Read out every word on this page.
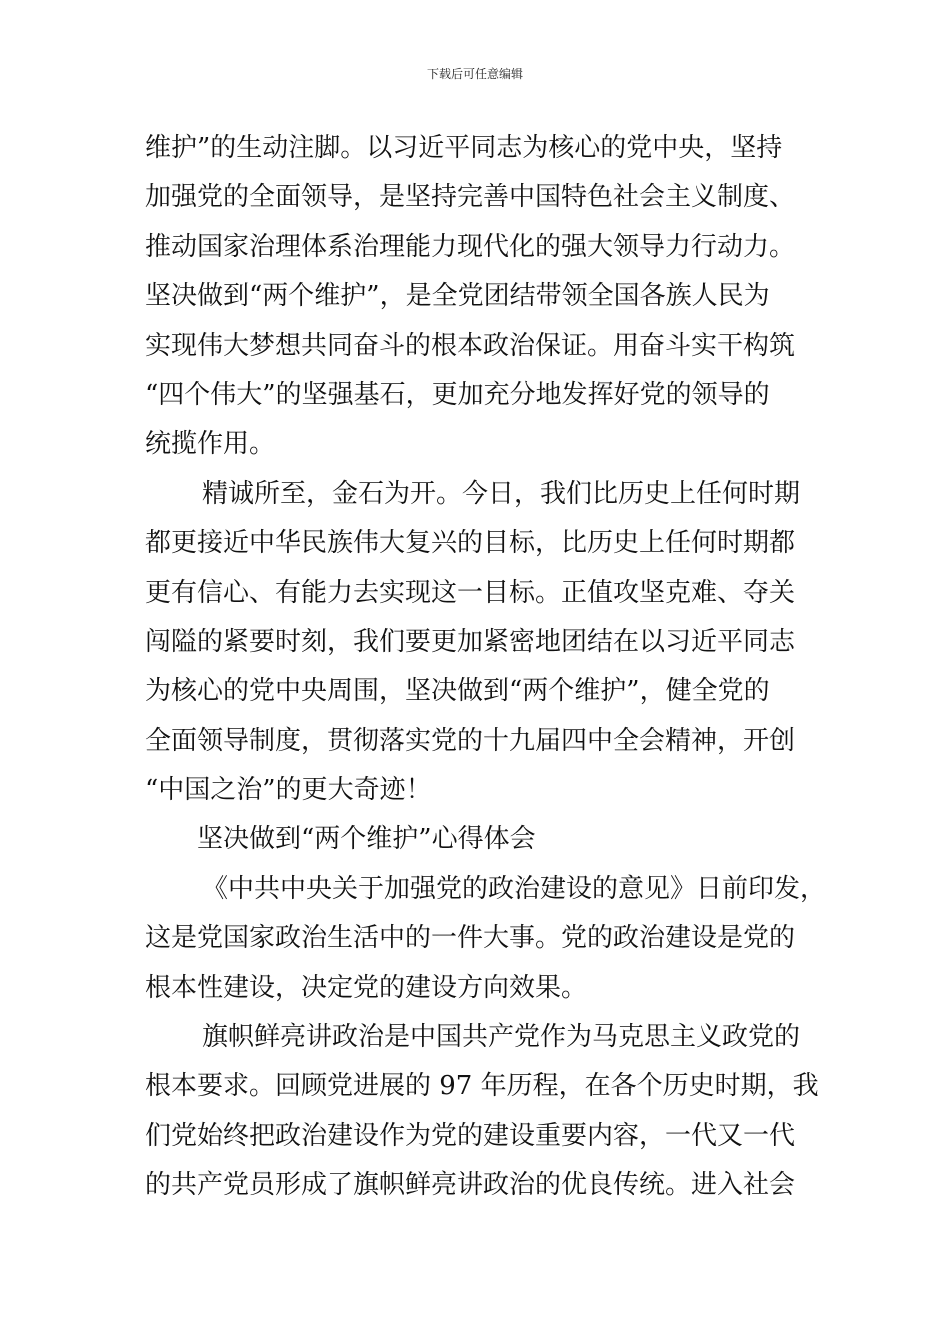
下载后可任意编辑
维护”的生动注脚。以习近平同志为核心的党中央，坚持
加强党的全面领导，是坚持完善中国特色社会主义制度、
推动国家治理体系治理能力现代化的强大领导力行动力。
坚决做到“两个维护”，是全党团结带领全国各族人民为
实现伟大梦想共同奋斗的根本政治保证。用奋斗实干构筑
“四个伟大”的坚强基石，更加充分地发挥好党的领导的
统揽作用。
精诚所至，金石为开。今日，我们比历史上任何时期
都更接近中华民族伟大复兴的目标，比历史上任何时期都
更有信心、有能力去实现这一目标。正值攻坚克难、夺关
闯隘的紧要时刻，我们要更加紧密地团结在以习近平同志
为核心的党中央周围，坚决做到“两个维护”，健全党的
全面领导制度，贯彻落实党的十九届四中全会精神，开创
“中国之治”的更大奇迹！
坚决做到“两个维护”心得体会
《中共中央关于加强党的政治建设的意见》日前印发，
这是党国家政治生活中的一件大事。党的政治建设是党的
根本性建设，决定党的建设方向效果。
旗帜鲜亮讲政治是中国共产党作为马克思主义政党的
根本要求。回顾党进展的 97 年历程，在各个历史时期，我
们党始终把政治建设作为党的建设重要内容，一代又一代
的共产党员形成了旗帜鲜亮讲政治的优良传统。进入社会
